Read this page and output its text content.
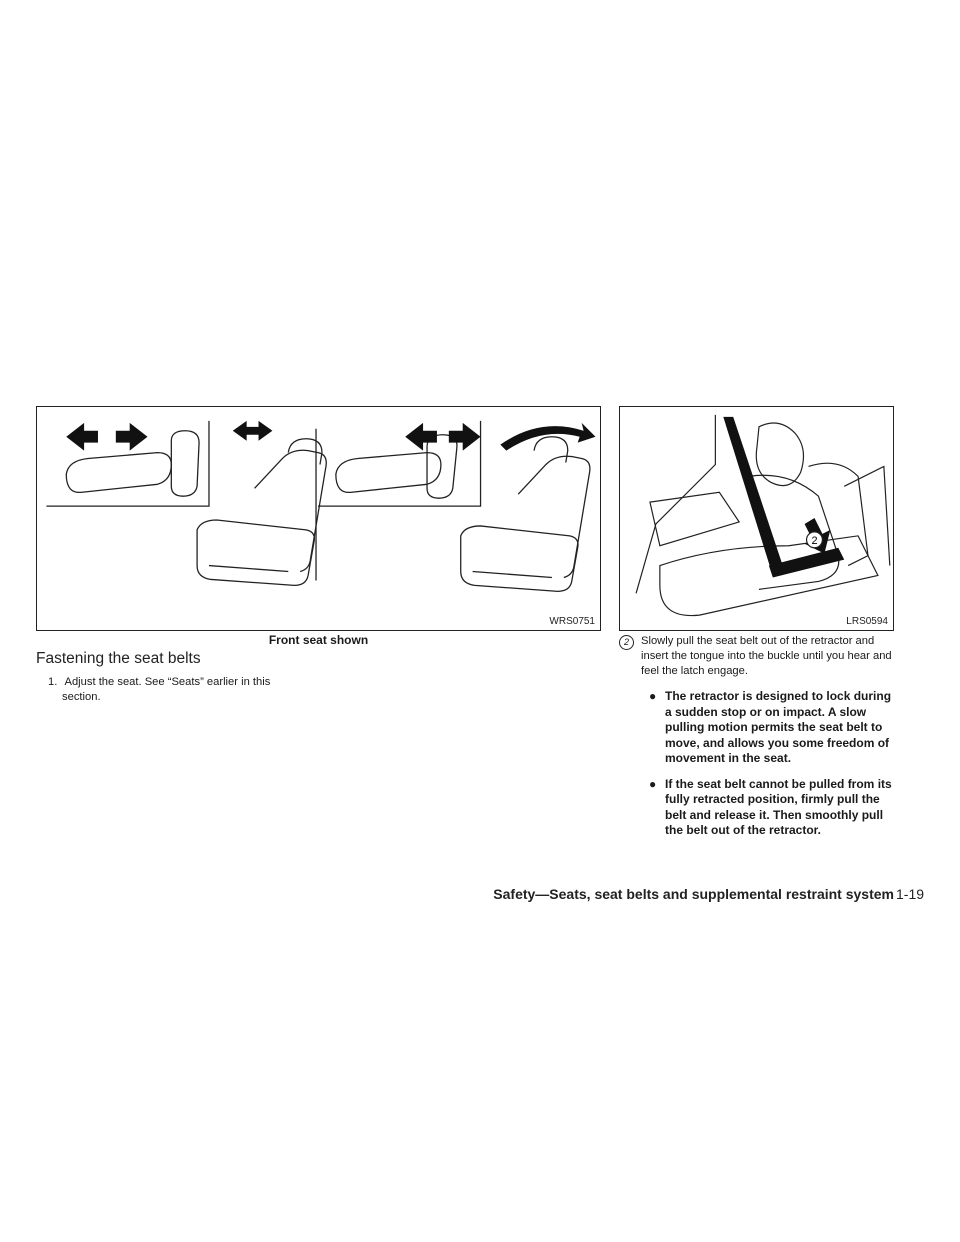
WRS0751
2
LRS0594
Front seat shown
Fastening the seat belts
1. Adjust the seat. See “Seats” earlier in this
section.
2	Slowly pull the seat belt out of the retractor and insert the tongue into the buckle until you hear and feel the latch engage.
● The retractor is designed to lock during a sudden stop or on impact. A slow pulling motion permits the seat belt to move, and allows you some freedom of movement in the seat.
● If the seat belt cannot be pulled from its fully retracted position, firmly pull the belt and release it. Then smoothly pull the belt out of the retractor.
Safety—Seats, seat belts and supplemental restraint system 1-19
